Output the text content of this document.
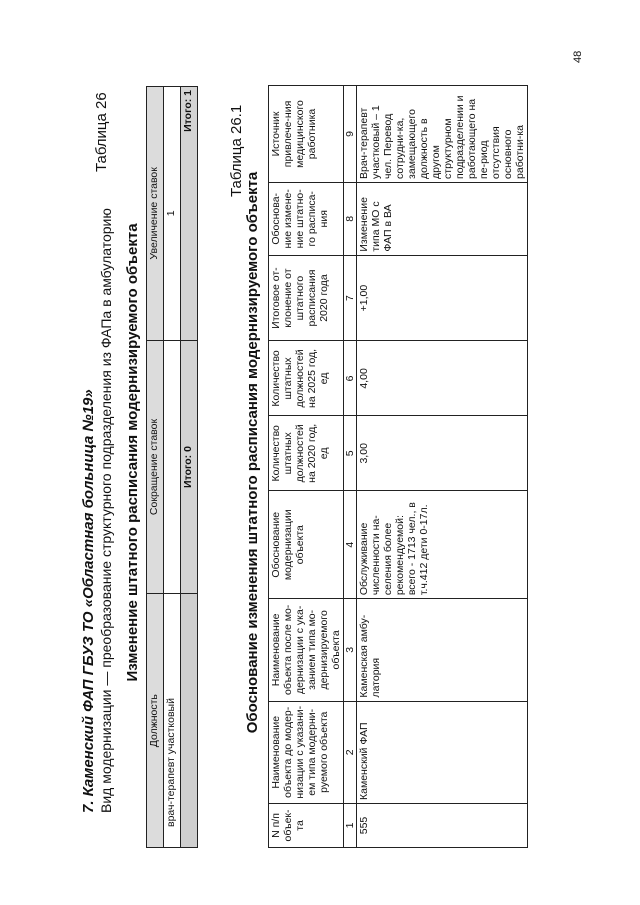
7. Каменский ФАП ГБУЗ ТО «Областная больница №19» Вид модернизации — преобразование структурного подразделения из ФАПа в амбулаторию
Таблица 26
Изменение штатного расписания модернизируемого объекта
Должность	Сокращение ставок	Увеличение ставок
врач-терапевт участковый		1
	Итого: 0	Итого: 1 Таблица 26.1
Обоснование изменения штатного расписания модернизируемого объекта
N п/п объек-та	Наименование объекта до модер-низации с указани-ем типа модерни-руемого объекта	Наименование объекта после мо-дернизации с ука-занием типа мо-дернизируемого объекта	Обоснование модернизации объекта	Количество штатных должностей на 2020 год, ед	Количество штатных должностей на 2025 год, ед	Итоговое от-клонение от штатного расписания 2020 года	Обоснова-ние измене-ние штатно-го расписа-ния	Источник привлече-ния медицинского работника
1	2	3	4	5	6	7	8	9
555	Каменский ФАП	Каменская амбу-латория	Обслуживание численности на-селения более рекомендуемой: всего - 1713 чел., в т.ч.412 дети 0-17л.	3,00	4,00	+1,00	Изменение типа МО с ФАП в ВА	Врач-терапевт участковый – 1 чел. Перевод сотрудни-ка, замещающего должность в другом структурном подразделении и работающего на пе-риод отсутствия основного работни-ка
48
